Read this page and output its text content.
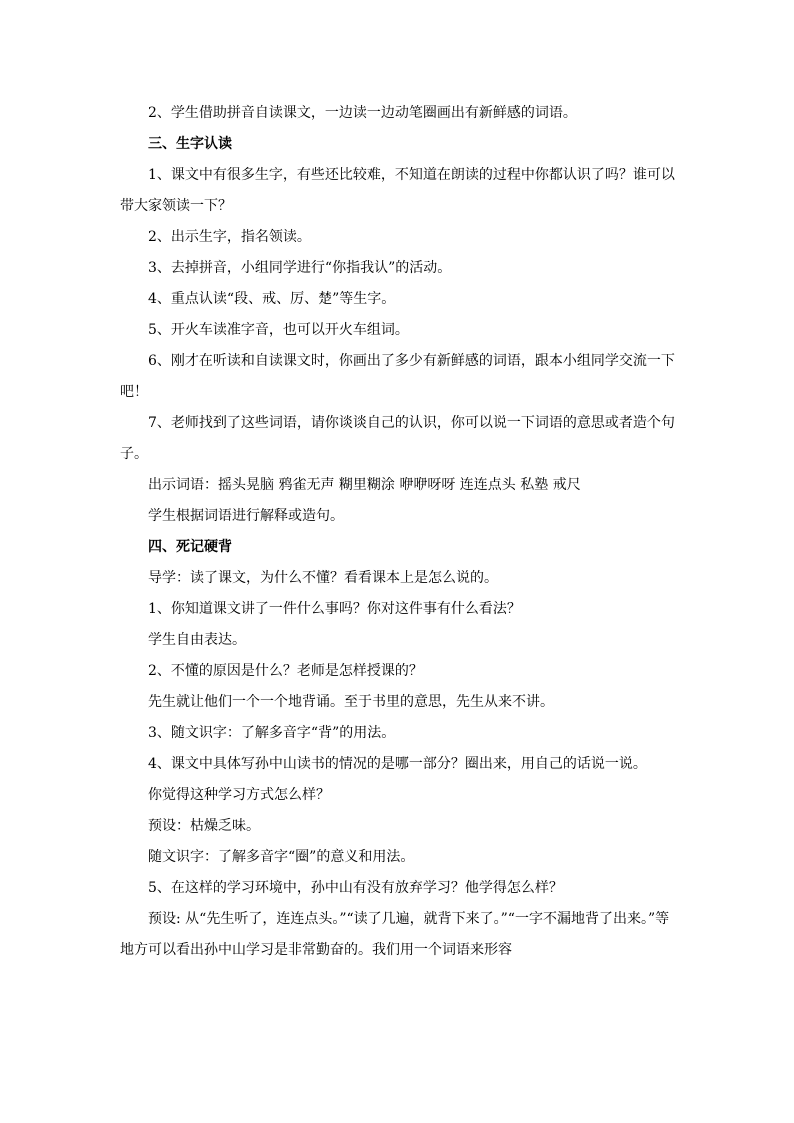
2、学生借助拼音自读课文，一边读一边动笔圈画出有新鲜感的词语。

三、生字认读

1、课文中有很多生字，有些还比较难，不知道在朗读的过程中你都认识了吗？谁可以带大家领读一下？

2、出示生字，指名领读。

3、去掉拼音，小组同学进行“你指我认”的活动。

4、重点认读“段、戒、厉、楚”等生字。

5、开火车读准字音，也可以开火车组词。

6、刚才在听读和自读课文时，你画出了多少有新鲜感的词语，跟本小组同学交流一下吧！

7、老师找到了这些词语，请你谈谈自己的认识，你可以说一下词语的意思或者造个句子。

出示词语：摇头晃脑 鸦雀无声 糊里糊涂 咿咿呀呀 连连点头 私塾 戒尺

学生根据词语进行解释或造句。

四、死记硬背

导学：读了课文，为什么不懂？看看课本上是怎么说的。

1、你知道课文讲了一件什么事吗？你对这件事有什么看法？

学生自由表达。

2、不懂的原因是什么？老师是怎样授课的？

先生就让他们一个一个地背诵。至于书里的意思，先生从来不讲。

3、随文识字：了解多音字“背”的用法。

4、课文中具体写孙中山读书的情况的是哪一部分？圈出来，用自己的话说一说。

你觉得这种学习方式怎么样？

预设：枯燥乏味。

随文识字：了解多音字“圈”的意义和用法。

5、在这样的学习环境中，孙中山有没有放弃学习？他学得怎么样？

预设: 从“先生听了，连连点头。”“读了几遍，就背下来了。”“一字不漏地背了出来。”等地方可以看出孙中山学习是非常勤奋的。我们用一个词语来形容
